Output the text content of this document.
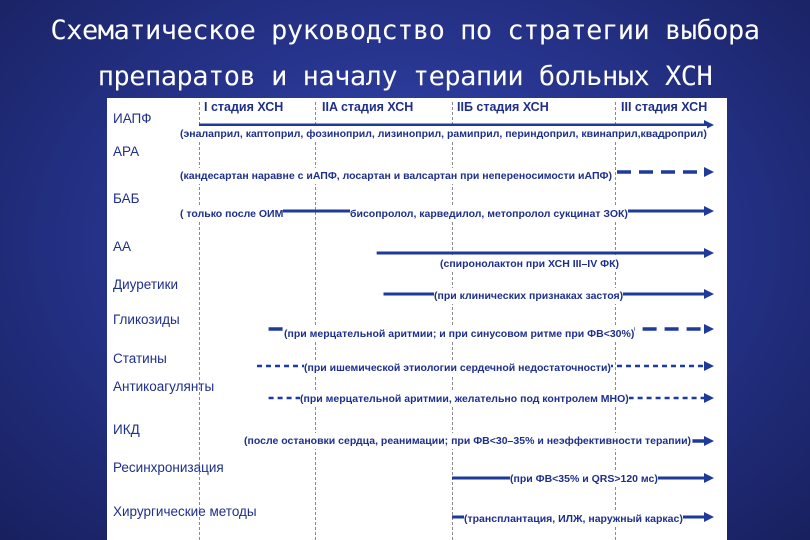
Схематическое руководство по стратегии выбора
препаратов и началу терапии больных ХСН
I стадия ХСН	IIA стадия ХСН	IIБ стадия ХСН	III стадия ХСН
ИАПФ
(эналаприл, каптоприл, фозиноприл, лизиноприл, рамиприл, периндоприл, квинаприл,квадроприл)
АРА
(кандесартан наравне с иАПФ, лосартан и валсартан при непереносимости иАПФ)
БАБ
( только после ОИМ	бисопролол, карведилол, метопролол сукцинат ЗОК)
АА
(спиронолактон при ХСН III–IV ФК)
Диуретики
(при клинических признаках застоя)
Гликозиды
(при мерцательной аритмии; и при синусовом ритме при ФВ<30%)
Статины
(при ишемической этиологии сердечной недостаточности)
Антикоагулянты
(при мерцательной аритмии, желательно под контролем МНО)
ИКД
(после остановки сердца, реанимации; при ФВ<30–35% и неэффективности терапии)
Ресинхронизация
(при ФВ<35% и QRS>120 мс)
Хирургические методы	(трансплантация, ИЛЖ, наружный каркас)
